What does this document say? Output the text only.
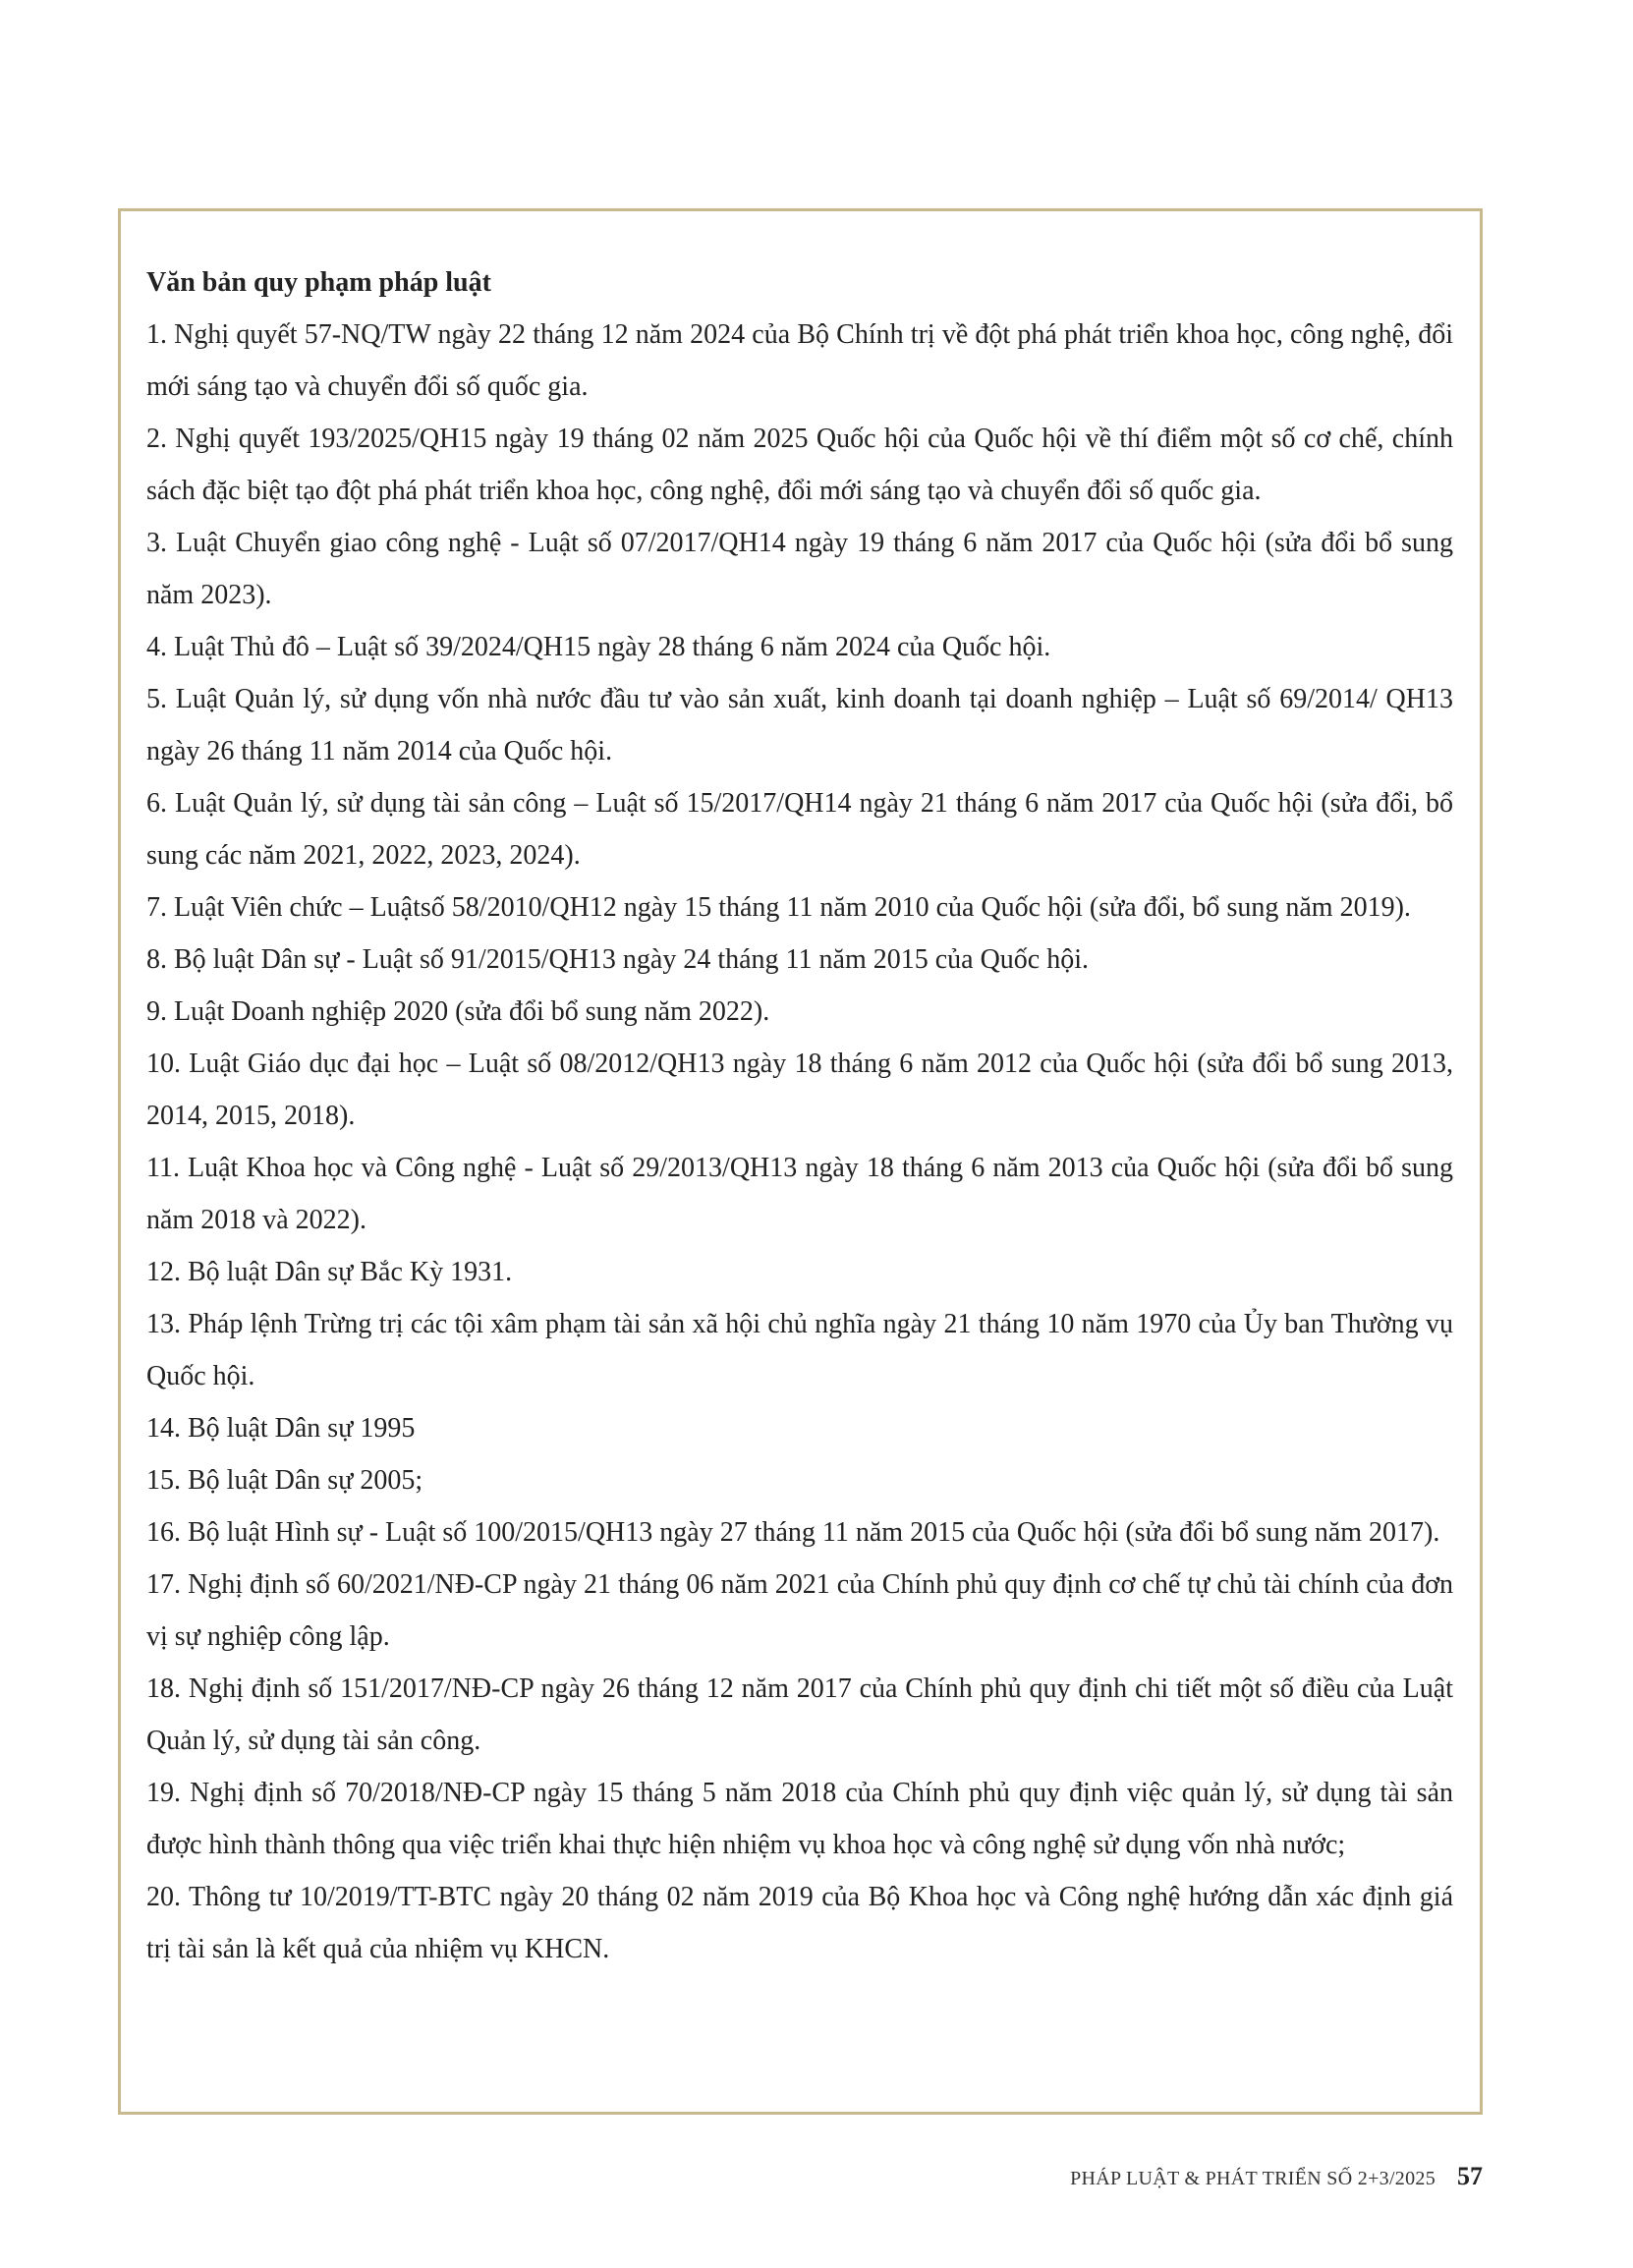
Văn bản quy phạm pháp luật

1. Nghị quyết 57-NQ/TW ngày 22 tháng 12 năm 2024 của Bộ Chính trị về đột phá phát triển khoa học, công nghệ, đổi mới sáng tạo và chuyển đổi số quốc gia.
2. Nghị quyết 193/2025/QH15 ngày 19 tháng 02 năm 2025 Quốc hội của Quốc hội về thí điểm một số cơ chế, chính sách đặc biệt tạo đột phá phát triển khoa học, công nghệ, đổi mới sáng tạo và chuyển đổi số quốc gia.
3. Luật Chuyển giao công nghệ - Luật số 07/2017/QH14 ngày 19 tháng 6 năm 2017 của Quốc hội (sửa đổi bổ sung năm 2023).
4. Luật Thủ đô – Luật số 39/2024/QH15 ngày 28 tháng 6 năm 2024 của Quốc hội.
5. Luật Quản lý, sử dụng vốn nhà nước đầu tư vào sản xuất, kinh doanh tại doanh nghiệp – Luật số 69/2014/ QH13 ngày 26 tháng 11 năm 2014 của Quốc hội.
6. Luật Quản lý, sử dụng tài sản công – Luật số 15/2017/QH14 ngày 21 tháng 6 năm 2017 của Quốc hội (sửa đổi, bổ sung các năm 2021, 2022, 2023, 2024).
7. Luật Viên chức – Luậtsố 58/2010/QH12 ngày 15 tháng 11 năm 2010 của Quốc hội (sửa đổi, bổ sung năm 2019).
8. Bộ luật Dân sự - Luật số 91/2015/QH13 ngày 24 tháng 11 năm 2015 của Quốc hội.
9. Luật Doanh nghiệp 2020 (sửa đổi bổ sung năm 2022).
10. Luật Giáo dục đại học – Luật số 08/2012/QH13 ngày 18 tháng 6 năm 2012 của Quốc hội (sửa đổi bổ sung 2013, 2014, 2015, 2018).
11. Luật Khoa học và Công nghệ - Luật số 29/2013/QH13 ngày 18 tháng 6 năm 2013 của Quốc hội (sửa đổi bổ sung năm 2018 và 2022).
12. Bộ luật Dân sự Bắc Kỳ 1931.
13. Pháp lệnh Trừng trị các tội xâm phạm tài sản xã hội chủ nghĩa ngày 21 tháng 10 năm 1970 của Ủy ban Thường vụ Quốc hội.
14. Bộ luật Dân sự 1995
15. Bộ luật Dân sự 2005;
16. Bộ luật Hình sự - Luật số 100/2015/QH13 ngày 27 tháng 11 năm 2015 của Quốc hội (sửa đổi bổ sung năm 2017).
17. Nghị định số 60/2021/NĐ-CP ngày 21 tháng 06 năm 2021 của Chính phủ quy định cơ chế tự chủ tài chính của đơn vị sự nghiệp công lập.
18. Nghị định số 151/2017/NĐ-CP ngày 26 tháng 12 năm 2017 của Chính phủ quy định chi tiết một số điều của Luật Quản lý, sử dụng tài sản công.
19. Nghị định số 70/2018/NĐ-CP ngày 15 tháng 5 năm 2018 của Chính phủ quy định việc quản lý, sử dụng tài sản được hình thành thông qua việc triển khai thực hiện nhiệm vụ khoa học và công nghệ sử dụng vốn nhà nước;
20. Thông tư 10/2019/TT-BTC ngày 20 tháng 02 năm 2019 của Bộ Khoa học và Công nghệ hướng dẫn xác định giá trị tài sản là kết quả của nhiệm vụ KHCN.
PHÁP LUẬT & PHÁT TRIỂN SỐ 2+3/2025 57
